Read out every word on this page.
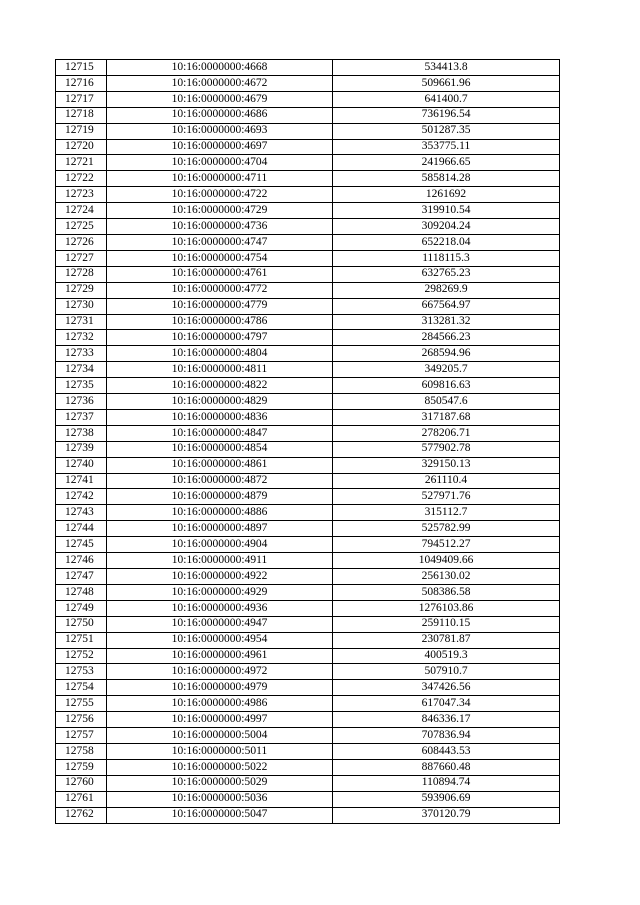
12715	10:16:0000000:4668	534413.8
12716	10:16:0000000:4672	509661.96
12717	10:16:0000000:4679	641400.7
12718	10:16:0000000:4686	736196.54
12719	10:16:0000000:4693	501287.35
12720	10:16:0000000:4697	353775.11
12721	10:16:0000000:4704	241966.65
12722	10:16:0000000:4711	585814.28
12723	10:16:0000000:4722	1261692
12724	10:16:0000000:4729	319910.54
12725	10:16:0000000:4736	309204.24
12726	10:16:0000000:4747	652218.04
12727	10:16:0000000:4754	1118115.3
12728	10:16:0000000:4761	632765.23
12729	10:16:0000000:4772	298269.9
12730	10:16:0000000:4779	667564.97
12731	10:16:0000000:4786	313281.32
12732	10:16:0000000:4797	284566.23
12733	10:16:0000000:4804	268594.96
12734	10:16:0000000:4811	349205.7
12735	10:16:0000000:4822	609816.63
12736	10:16:0000000:4829	850547.6
12737	10:16:0000000:4836	317187.68
12738	10:16:0000000:4847	278206.71
12739	10:16:0000000:4854	577902.78
12740	10:16:0000000:4861	329150.13
12741	10:16:0000000:4872	261110.4
12742	10:16:0000000:4879	527971.76
12743	10:16:0000000:4886	315112.7
12744	10:16:0000000:4897	525782.99
12745	10:16:0000000:4904	794512.27
12746	10:16:0000000:4911	1049409.66
12747	10:16:0000000:4922	256130.02
12748	10:16:0000000:4929	508386.58
12749	10:16:0000000:4936	1276103.86
12750	10:16:0000000:4947	259110.15
12751	10:16:0000000:4954	230781.87
12752	10:16:0000000:4961	400519.3
12753	10:16:0000000:4972	507910.7
12754	10:16:0000000:4979	347426.56
12755	10:16:0000000:4986	617047.34
12756	10:16:0000000:4997	846336.17
12757	10:16:0000000:5004	707836.94
12758	10:16:0000000:5011	608443.53
12759	10:16:0000000:5022	887660.48
12760	10:16:0000000:5029	110894.74
12761	10:16:0000000:5036	593906.69
12762	10:16:0000000:5047	370120.79
